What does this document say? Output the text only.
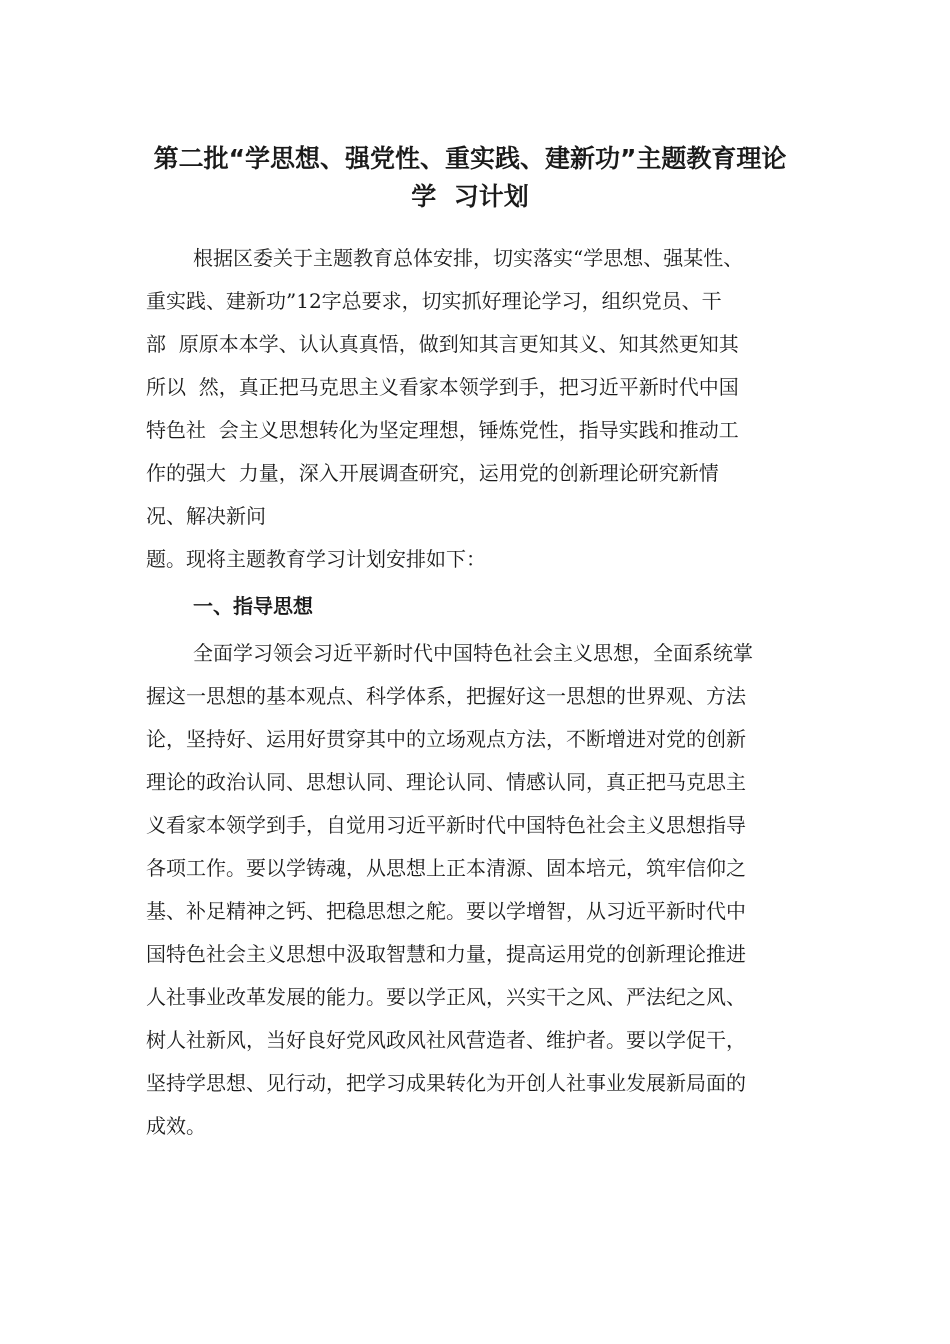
第二批“学思想、强党性、重实践、建新功”主题教育理论
学  习计划
根据区委关于主题教育总体安排，切实落实“学思想、强某性、
重实践、建新功”12字总要求，切实抓好理论学习，组织党员、干
部  原原本本学、认认真真悟，做到知其言更知其义、知其然更知其
所以  然，真正把马克思主义看家本领学到手，把习近平新时代中国
特色社  会主义思想转化为坚定理想，锤炼党性，指导实践和推动工
作的强大  力量，深入开展调查研究，运用党的创新理论研究新情
况、解决新问
题。现将主题教育学习计划安排如下：
一、指导思想
全面学习领会习近平新时代中国特色社会主义思想，全面系统掌
握这一思想的基本观点、科学体系，把握好这一思想的世界观、方法
论，坚持好、运用好贯穿其中的立场观点方法，不断增进对党的创新
理论的政治认同、思想认同、理论认同、情感认同，真正把马克思主
义看家本领学到手，自觉用习近平新时代中国特色社会主义思想指导
各项工作。要以学铸魂，从思想上正本清源、固本培元，筑牢信仰之
基、补足精神之钙、把稳思想之舵。要以学增智，从习近平新时代中
国特色社会主义思想中汲取智慧和力量，提高运用党的创新理论推进
人社事业改革发展的能力。要以学正风，兴实干之风、严法纪之风、
树人社新风，当好良好党风政风社风营造者、维护者。要以学促干，
坚持学思想、见行动，把学习成果转化为开创人社事业发展新局面的
成效。
